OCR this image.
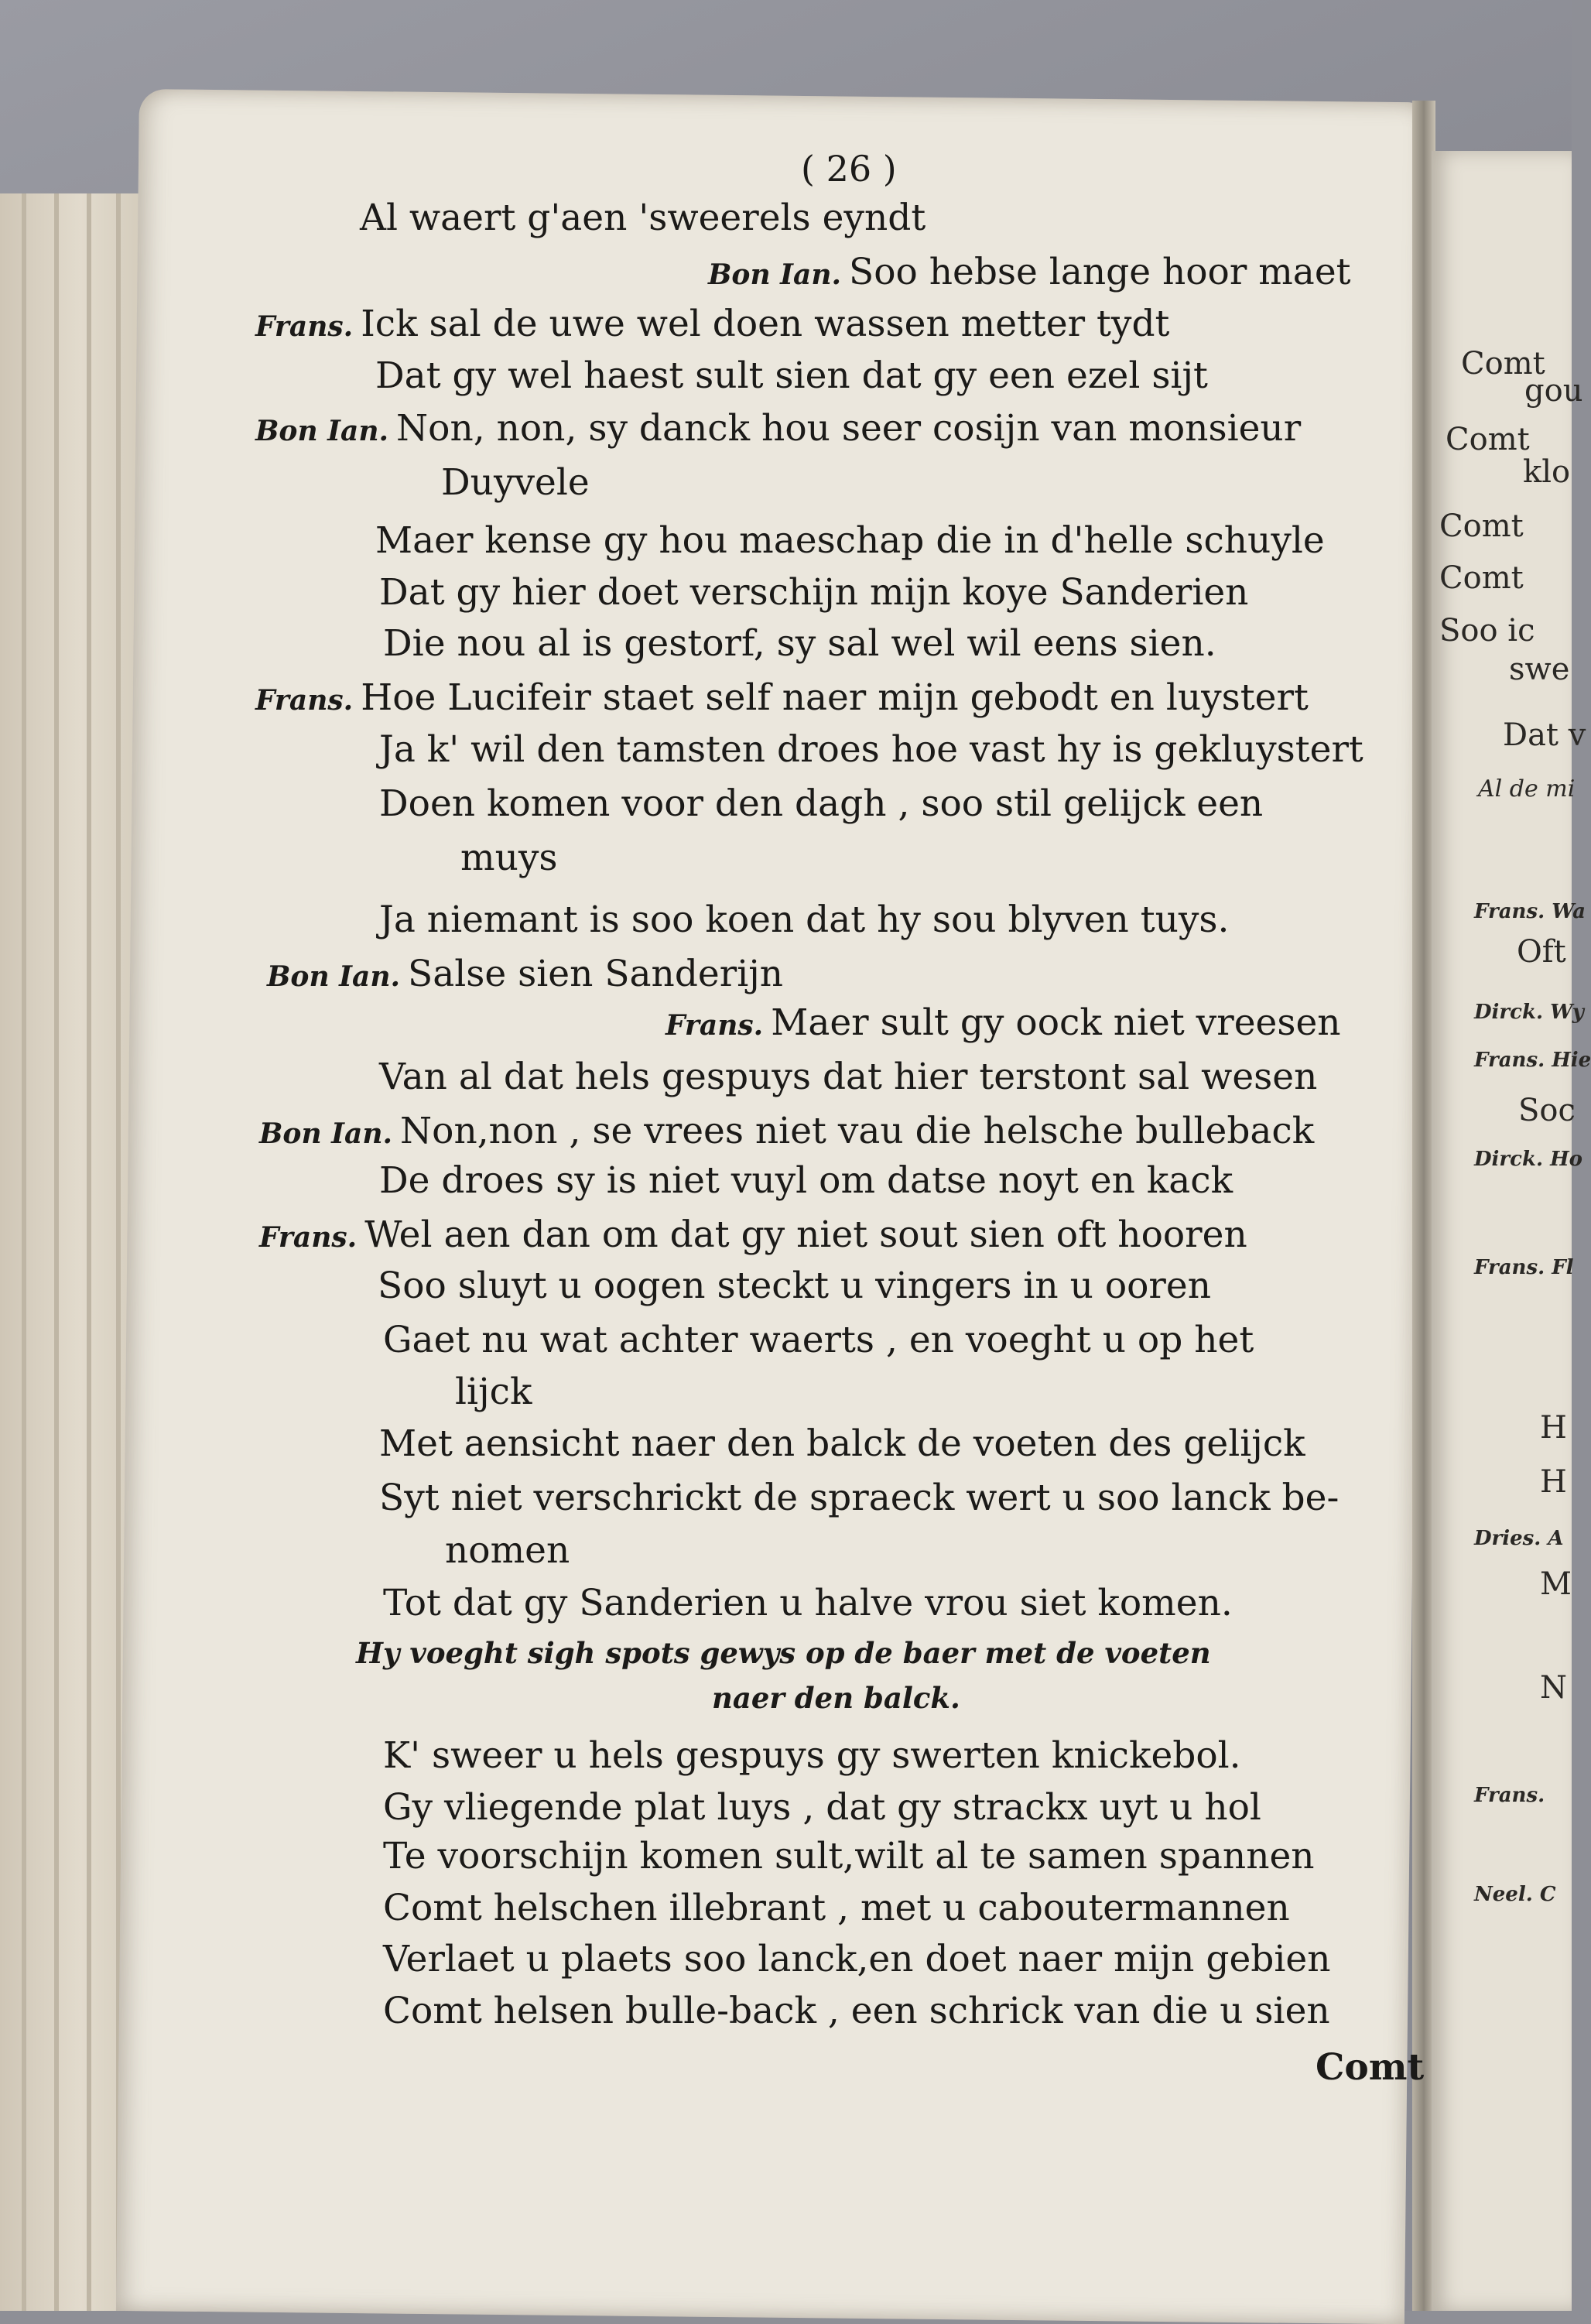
Comt
gou
Comt
klo
Comt
Comt
Soo ic
swe
Dat v
Al de mi
Frans. Wa
Oft
Dirck. Wy
Frans. Hie
Soc
Dirck. Ho
Frans. Fl
H
H
Dries. A
M
N
Frans.
Neel. C
( 26 )
Al waert g'aen 'sweerels eyndt
Bon Ian. Soo hebse lange hoor maet
Frans. Ick sal de uwe wel doen wassen metter tydt
Dat gy wel haest sult sien dat gy een ezel sijt
Bon Ian. Non, non, sy danck hou seer cosijn van monsieur
Duyvele
Maer kense gy hou maeschap die in d'helle schuyle
Dat gy hier doet verschijn mijn koye Sanderien
Die nou al is gestorf, sy sal wel wil eens sien.
Frans. Hoe Lucifeir staet self naer mijn gebodt en luystert
Ja k' wil den tamsten droes hoe vast hy is gekluystert
Doen komen voor den dagh , soo stil gelijck een
muys
Ja niemant is soo koen dat hy sou blyven tuys.
Bon Ian. Salse sien Sanderijn
Frans. Maer sult gy oock niet vreesen
Van al dat hels gespuys dat hier terstont sal wesen
Bon Ian. Non,non , se vrees niet vau die helsche bulleback
De droes sy is niet vuyl om datse noyt en kack
Frans. Wel aen dan om dat gy niet sout sien oft hooren
Soo sluyt u oogen steckt u vingers in u ooren
Gaet nu wat achter waerts , en voeght u op het
lijck
Met aensicht naer den balck de voeten des gelijck
Syt niet verschrickt de spraeck wert u soo lanck be-
nomen
Tot dat gy Sanderien u halve vrou siet komen.
Hy voeght sigh spots gewys op de baer met de voeten
naer den balck.
K' sweer u hels gespuys gy swerten knickebol.
Gy vliegende plat luys , dat gy strackx uyt u hol
Te voorschijn komen sult,wilt al te samen spannen
Comt helschen illebrant , met u caboutermannen
Verlaet u plaets soo lanck,en doet naer mijn gebien
Comt helsen bulle-back , een schrick van die u sien
Comt
